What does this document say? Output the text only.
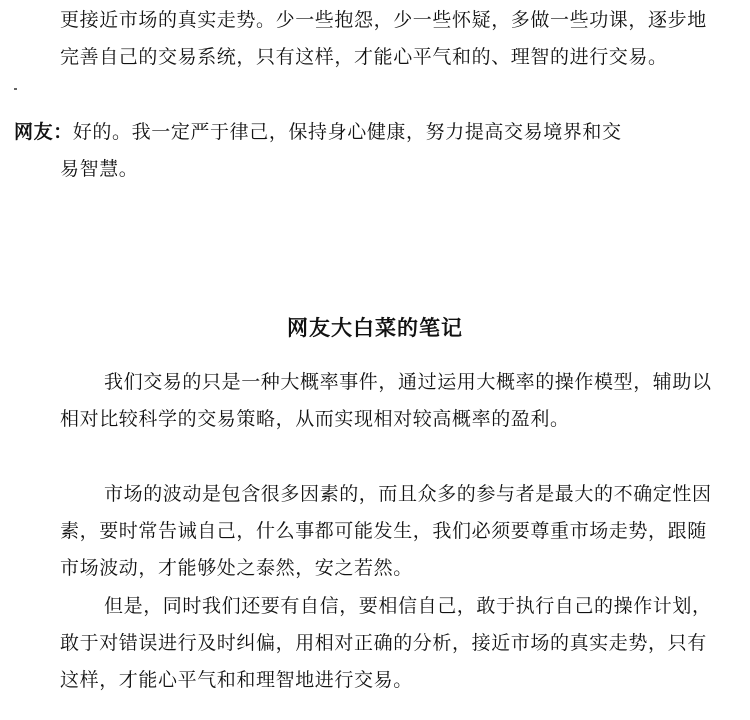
更接近市场的真实走势。少一些抱怨，少一些怀疑，多做一些功课，逐步地完善自己的交易系统，只有这样，才能心平气和的、理智的进行交易。

网友：好的。我一定严于律己，保持身心健康，努力提高交易境界和交
易智慧。

网友大白菜的笔记

我们交易的只是一种大概率事件，通过运用大概率的操作模型，辅助以相对比较科学的交易策略，从而实现相对较高概率的盈利。

市场的波动是包含很多因素的，而且众多的参与者是最大的不确定性因素，要时常告诫自己，什么事都可能发生，我们必须要尊重市场走势，跟随市场波动，才能够处之泰然，安之若然。

但是，同时我们还要有自信，要相信自己，敢于执行自己的操作计划，敢于对错误进行及时纠偏，用相对正确的分析，接近市场的真实走势，只有这样，才能心平气和和理智地进行交易。
